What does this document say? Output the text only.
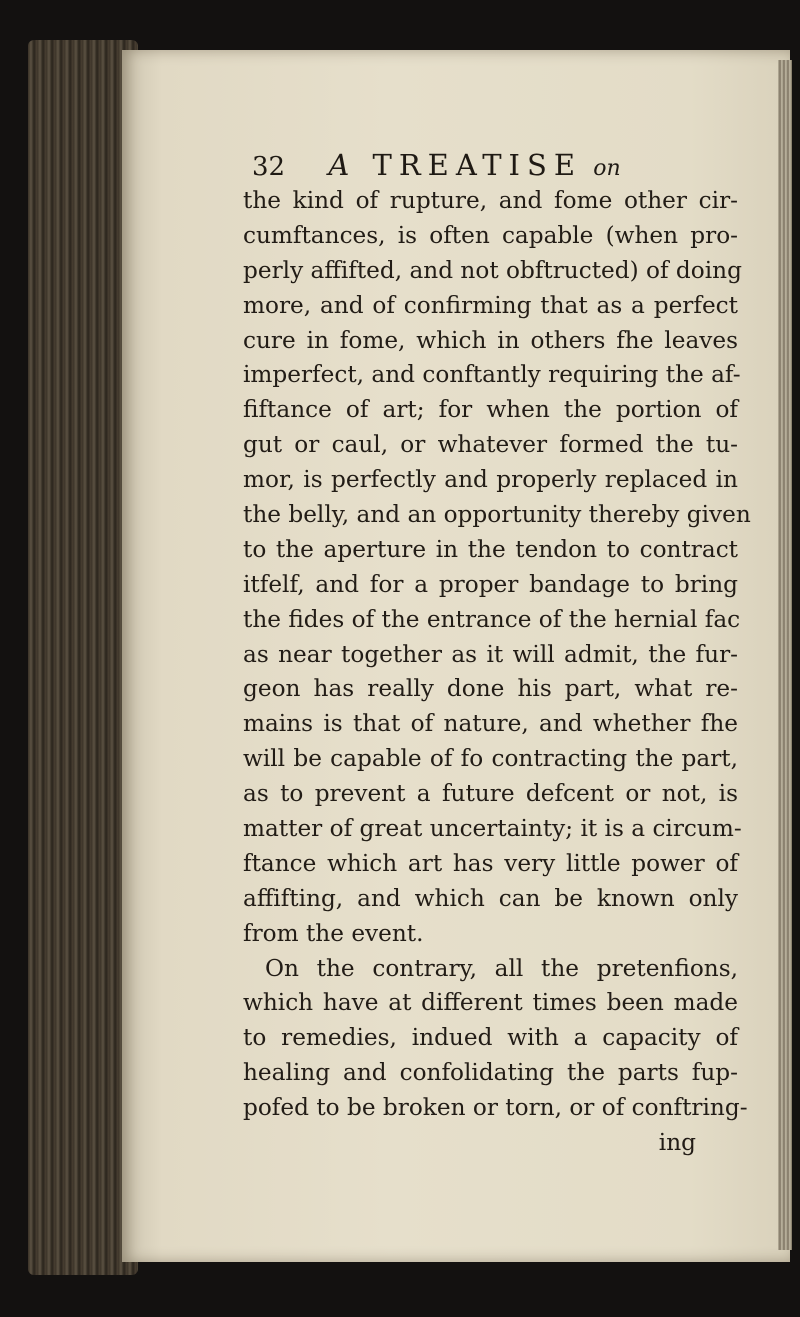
32 A TREATISE on
the kind of rupture, and fome other cir-
cumftances, is often capable (when pro-
perly affifted, and not obftructed) of doing
more, and of confirming that as a perfect
cure in fome, which in others fhe leaves
imperfect, and conftantly requiring the af-
fiftance of art; for when the portion of
gut or caul, or whatever formed the tu-
mor, is perfectly and properly replaced in
the belly, and an opportunity thereby given
to the aperture in the tendon to contract
itfelf, and for a proper bandage to bring
the fides of the entrance of the hernial fac
as near together as it will admit, the fur-
geon has really done his part, what re-
mains is that of nature, and whether fhe
will be capable of fo contracting the part,
as to prevent a future defcent or not, is
matter of great uncertainty; it is a circum-
ftance which art has very little power of
affifting, and which can be known only
from the event.
On the contrary, all the pretenfions,
which have at different times been made
to remedies, indued with a capacity of
healing and confolidating the parts fup-
pofed to be broken or torn, or of conftring-
ing
